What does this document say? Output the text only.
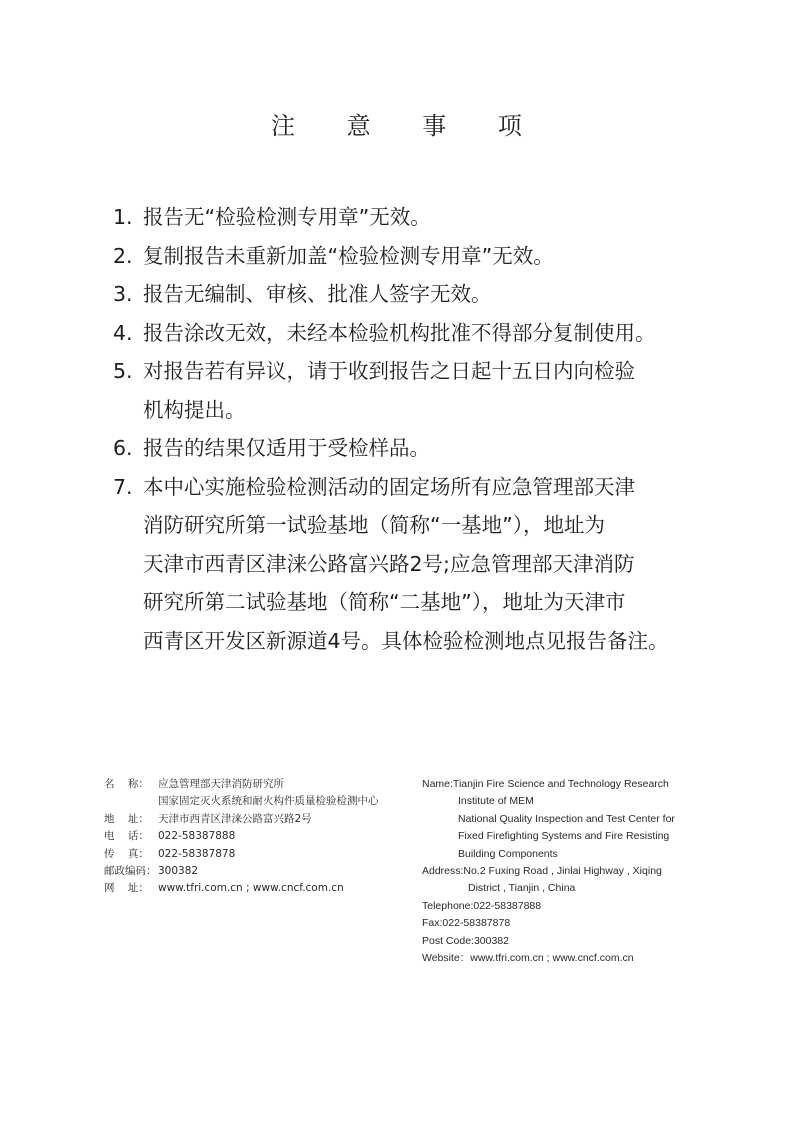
注 意 事 项
1. 报告无“检验检测专用章”无效。
2. 复制报告未重新加盖“检验检测专用章”无效。
3. 报告无编制、审核、批准人签字无效。
4. 报告涂改无效，未经本检验机构批准不得部分复制使用。
5. 对报告若有异议，请于收到报告之日起十五日内向检验
机构提出。
6. 报告的结果仅适用于受检样品。
7. 本中心实施检验检测活动的固定场所有应急管理部天津
消防研究所第一试验基地（简称“一基地”），地址为
天津市西青区津涞公路富兴路2号;应急管理部天津消防
研究所第二试验基地（简称“二基地”），地址为天津市
西青区开发区新源道4号。具体检验检测地点见报告备注。
名    称： 应急管理部天津消防研究所
国家固定灭火系统和耐火构件质量检验检测中心
地    址： 天津市西青区津涞公路富兴路2号
电    话： 022-58387888
传    真： 022-58387878
邮政编码： 300382
网    址： www.tfri.com.cn ; www.cncf.com.cn
Name:Tianjin Fire Science and Technology Research
Institute of MEM
National Quality Inspection and Test Center for
Fixed Firefighting Systems and Fire Resisting
Building Components
Address:No.2 Fuxing Road , Jinlai Highway , Xiqing
District , Tianjin , China
Telephone:022-58387888
Fax:022-58387878
Post Code:300382
Website：www.tfri.com.cn ; www.cncf.com.cn
